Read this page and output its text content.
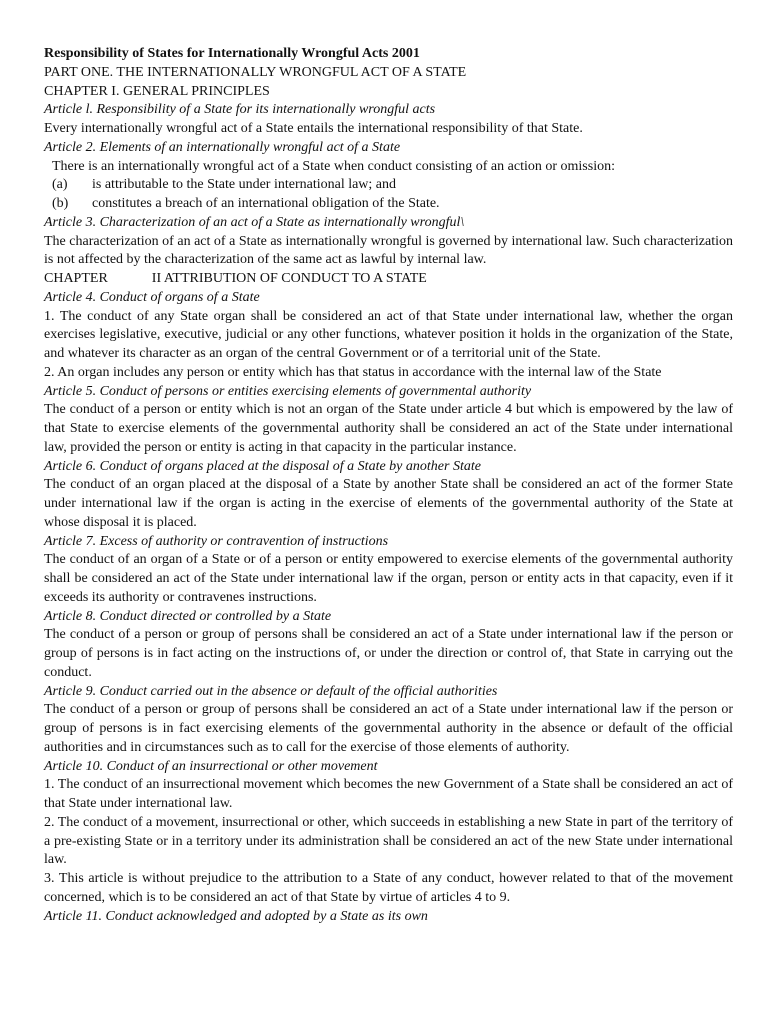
Responsibility of States for Internationally Wrongful Acts 2001
PART ONE. THE INTERNATIONALLY WRONGFUL ACT OF A STATE
CHAPTER I. GENERAL PRINCIPLES
Article l. Responsibility of a State for its internationally wrongful acts
Every internationally wrongful act of a State entails the international responsibility of that State.
Article 2. Elements of an internationally wrongful act of a State
There is an internationally wrongful act of a State when conduct consisting of an action or omission:
(a)	is attributable to the State under international law; and
(b)	constitutes a breach of an international obligation of the State.
Article 3. Characterization of an act of a State as internationally wrongful\
The characterization of an act of a State as internationally wrongful is governed by international law. Such characterization is not affected by the characterization of the same act as lawful by internal law.
CHAPTER	II ATTRIBUTION OF CONDUCT TO A STATE
Article 4. Conduct of organs of a State
1. The conduct of any State organ shall be considered an act of that State under international law, whether the organ exercises legislative, executive, judicial or any other functions, whatever position it holds in the organization of the State, and whatever its character as an organ of the central Government or of a territorial unit of the State.
2. An organ includes any person or entity which has that status in accordance with the internal law of the State
Article 5. Conduct of persons or entities exercising elements of governmental authority
The conduct of a person or entity which is not an organ of the State under article 4 but which is empowered by the law of that State to exercise elements of the governmental authority shall be considered an act of the State under international law, provided the person or entity is acting in that capacity in the particular instance.
Article 6. Conduct of organs placed at the disposal of a State by another State
The conduct of an organ placed at the disposal of a State by another State shall be considered an act of the former State under international law if the organ is acting in the exercise of elements of the governmental authority of the State at whose disposal it is placed.
Article 7. Excess of authority or contravention of instructions
The conduct of an organ of a State or of a person or entity empowered to exercise elements of the governmental authority shall be considered an act of the State under international law if the organ, person or entity acts in that capacity, even if it exceeds its authority or contravenes instructions.
Article 8. Conduct directed or controlled by a State
The conduct of a person or group of persons shall be considered an act of a State under international law if the person or group of persons is in fact acting on the instructions of, or under the direction or control of, that State in carrying out the conduct.
Article 9. Conduct carried out in the absence or default of the official authorities
The conduct of a person or group of persons shall be considered an act of a State under international law if the person or group of persons is in fact exercising elements of the governmental authority in the absence or default of the official authorities and in circumstances such as to call for the exercise of those elements of authority.
Article 10. Conduct of an insurrectional or other movement
1. The conduct of an insurrectional movement which becomes the new Government of a State shall be considered an act of that State under international law.
2. The conduct of a movement, insurrectional or other, which succeeds in establishing a new State in part of the territory of a pre-existing State or in a territory under its administration shall be considered an act of the new State under international law.
3. This article is without prejudice to the attribution to a State of any conduct, however related to that of the movement concerned, which is to be considered an act of that State by virtue of articles 4 to 9.
Article 11. Conduct acknowledged and adopted by a State as its own
